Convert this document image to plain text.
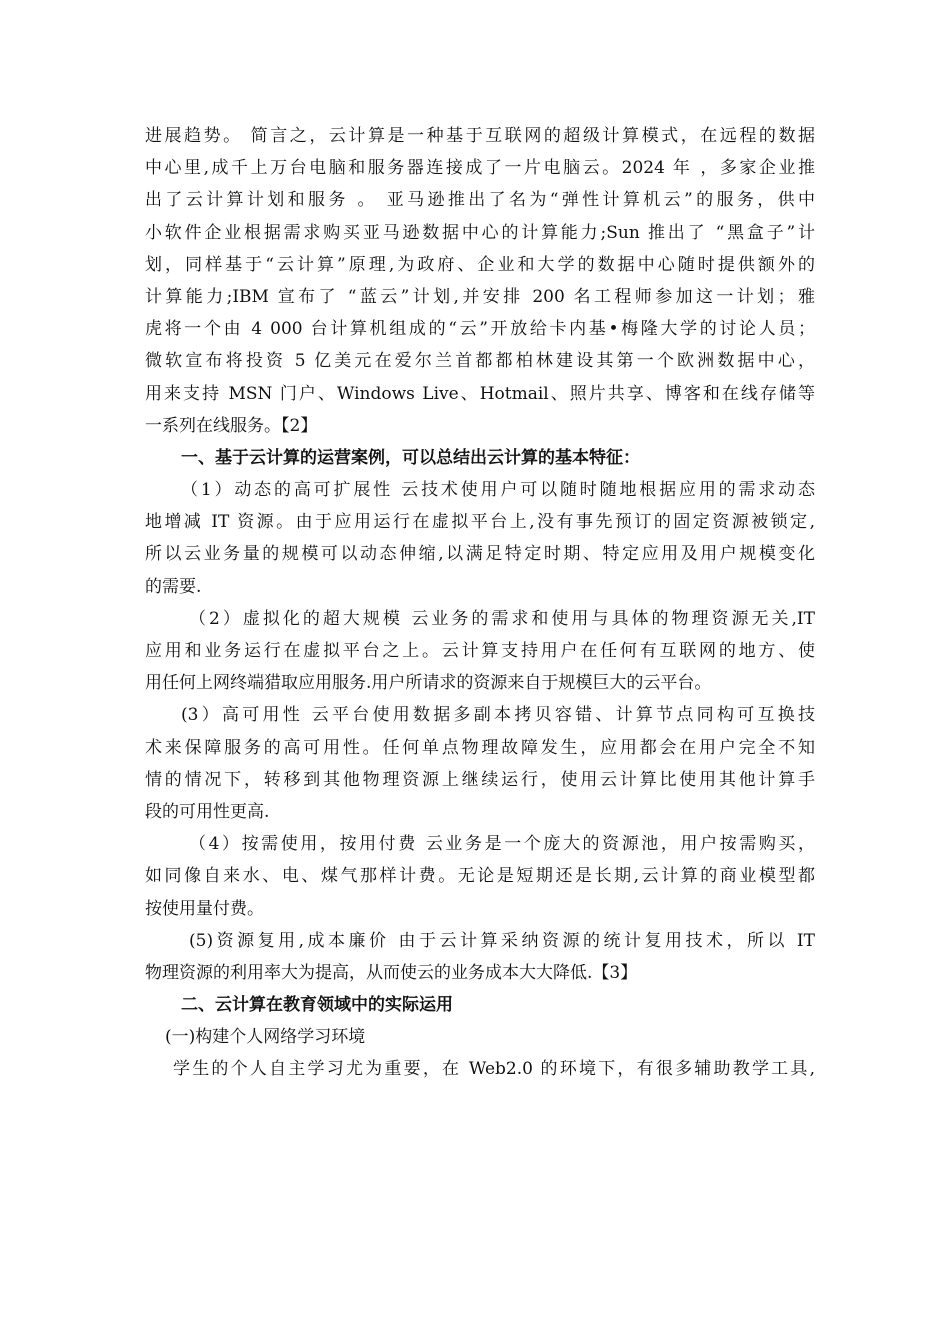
进展趋势。 简言之，云计算是一种基于互联网的超级计算模式，在远程的数据
中心里,成千上万台电脑和服务器连接成了一片电脑云。2024 年 ，多家企业推
出了云计算计划和服务 。 亚马逊推出了名为“弹性计算机云”的服务，供中
小软件企业根据需求购买亚马逊数据中心的计算能力;Sun 推出了 “黑盒子”计
划，同样基于“云计算”原理,为政府、企业和大学的数据中心随时提供额外的
计算能力;IBM 宣布了 “蓝云”计划,并安排 200 名工程师参加这一计划；雅
虎将一个由 4 000 台计算机组成的“云”开放给卡内基•梅隆大学的讨论人员；
微软宣布将投资 5 亿美元在爱尔兰首都都柏林建设其第一个欧洲数据中心，
用来支持 MSN 门户、Windows Live、Hotmail、照片共享、博客和在线存储等
一系列在线服务。【2】
一、基于云计算的运营案例，可以总结出云计算的基本特征：
（1）动态的高可扩展性 云技术使用户可以随时随地根据应用的需求动态
地增减 IT 资源。由于应用运行在虚拟平台上,没有事先预订的固定资源被锁定,
所以云业务量的规模可以动态伸缩,以满足特定时期、特定应用及用户规模变化
的需要.
（2）虚拟化的超大规模 云业务的需求和使用与具体的物理资源无关,IT
应用和业务运行在虚拟平台之上。云计算支持用户在任何有互联网的地方、使
用任何上网终端猎取应用服务.用户所请求的资源来自于规模巨大的云平台。
(3）高可用性 云平台使用数据多副本拷贝容错、计算节点同构可互换技
术来保障服务的高可用性。任何单点物理故障发生，应用都会在用户完全不知
情的情况下，转移到其他物理资源上继续运行，使用云计算比使用其他计算手
段的可用性更高.
（4）按需使用，按用付费 云业务是一个庞大的资源池，用户按需购买，
如同像自来水、电、煤气那样计费。无论是短期还是长期,云计算的商业模型都
按使用量付费。
(5)资源复用,成本廉价 由于云计算采纳资源的统计复用技术，所以 IT
物理资源的利用率大为提高，从而使云的业务成本大大降低.【3】
二、云计算在教育领域中的实际运用
(一)构建个人网络学习环境
学生的个人自主学习尤为重要，在 Web2.0 的环境下，有很多辅助教学工具,
